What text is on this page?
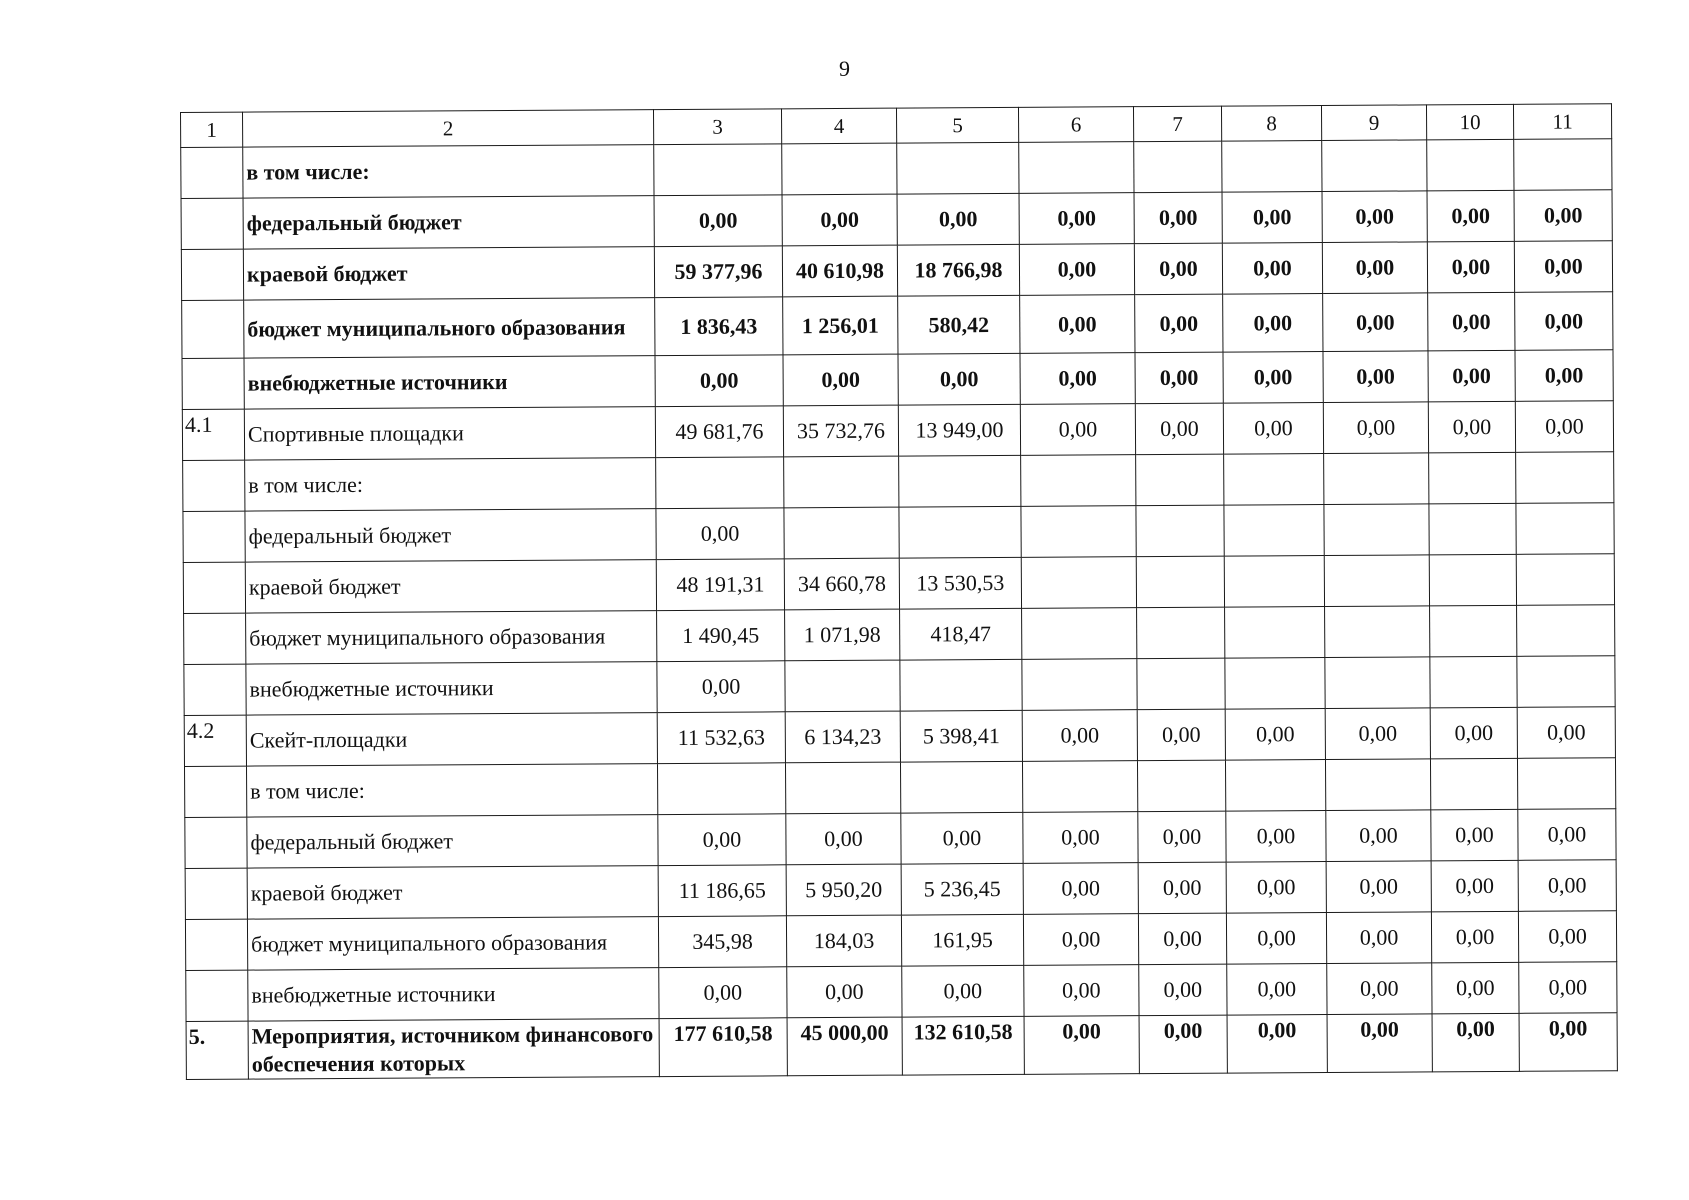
9
1	2	3	4	5	6	7	8	9	10	11
	в том числе:									
	федеральный бюджет	0,00	0,00	0,00	0,00	0,00	0,00	0,00	0,00	0,00
	краевой бюджет	59 377,96	40 610,98	18 766,98	0,00	0,00	0,00	0,00	0,00	0,00
	бюджет муниципального образования	1 836,43	1 256,01	580,42	0,00	0,00	0,00	0,00	0,00	0,00
	внебюджетные источники	0,00	0,00	0,00	0,00	0,00	0,00	0,00	0,00	0,00
4.1	Спортивные площадки	49 681,76	35 732,76	13 949,00	0,00	0,00	0,00	0,00	0,00	0,00
	в том числе:									
	федеральный бюджет	0,00								
	краевой бюджет	48 191,31	34 660,78	13 530,53						
	бюджет муниципального образования	1 490,45	1 071,98	418,47						
	внебюджетные источники	0,00								
4.2	Скейт-площадки	11 532,63	6 134,23	5 398,41	0,00	0,00	0,00	0,00	0,00	0,00
	в том числе:									
	федеральный бюджет	0,00	0,00	0,00	0,00	0,00	0,00	0,00	0,00	0,00
	краевой бюджет	11 186,65	5 950,20	5 236,45	0,00	0,00	0,00	0,00	0,00	0,00
	бюджет муниципального образования	345,98	184,03	161,95	0,00	0,00	0,00	0,00	0,00	0,00
	внебюджетные источники	0,00	0,00	0,00	0,00	0,00	0,00	0,00	0,00	0,00
5.	Мероприятия, источником финансового обеспечения которых	177 610,58	45 000,00	132 610,58	0,00	0,00	0,00	0,00	0,00	0,00
